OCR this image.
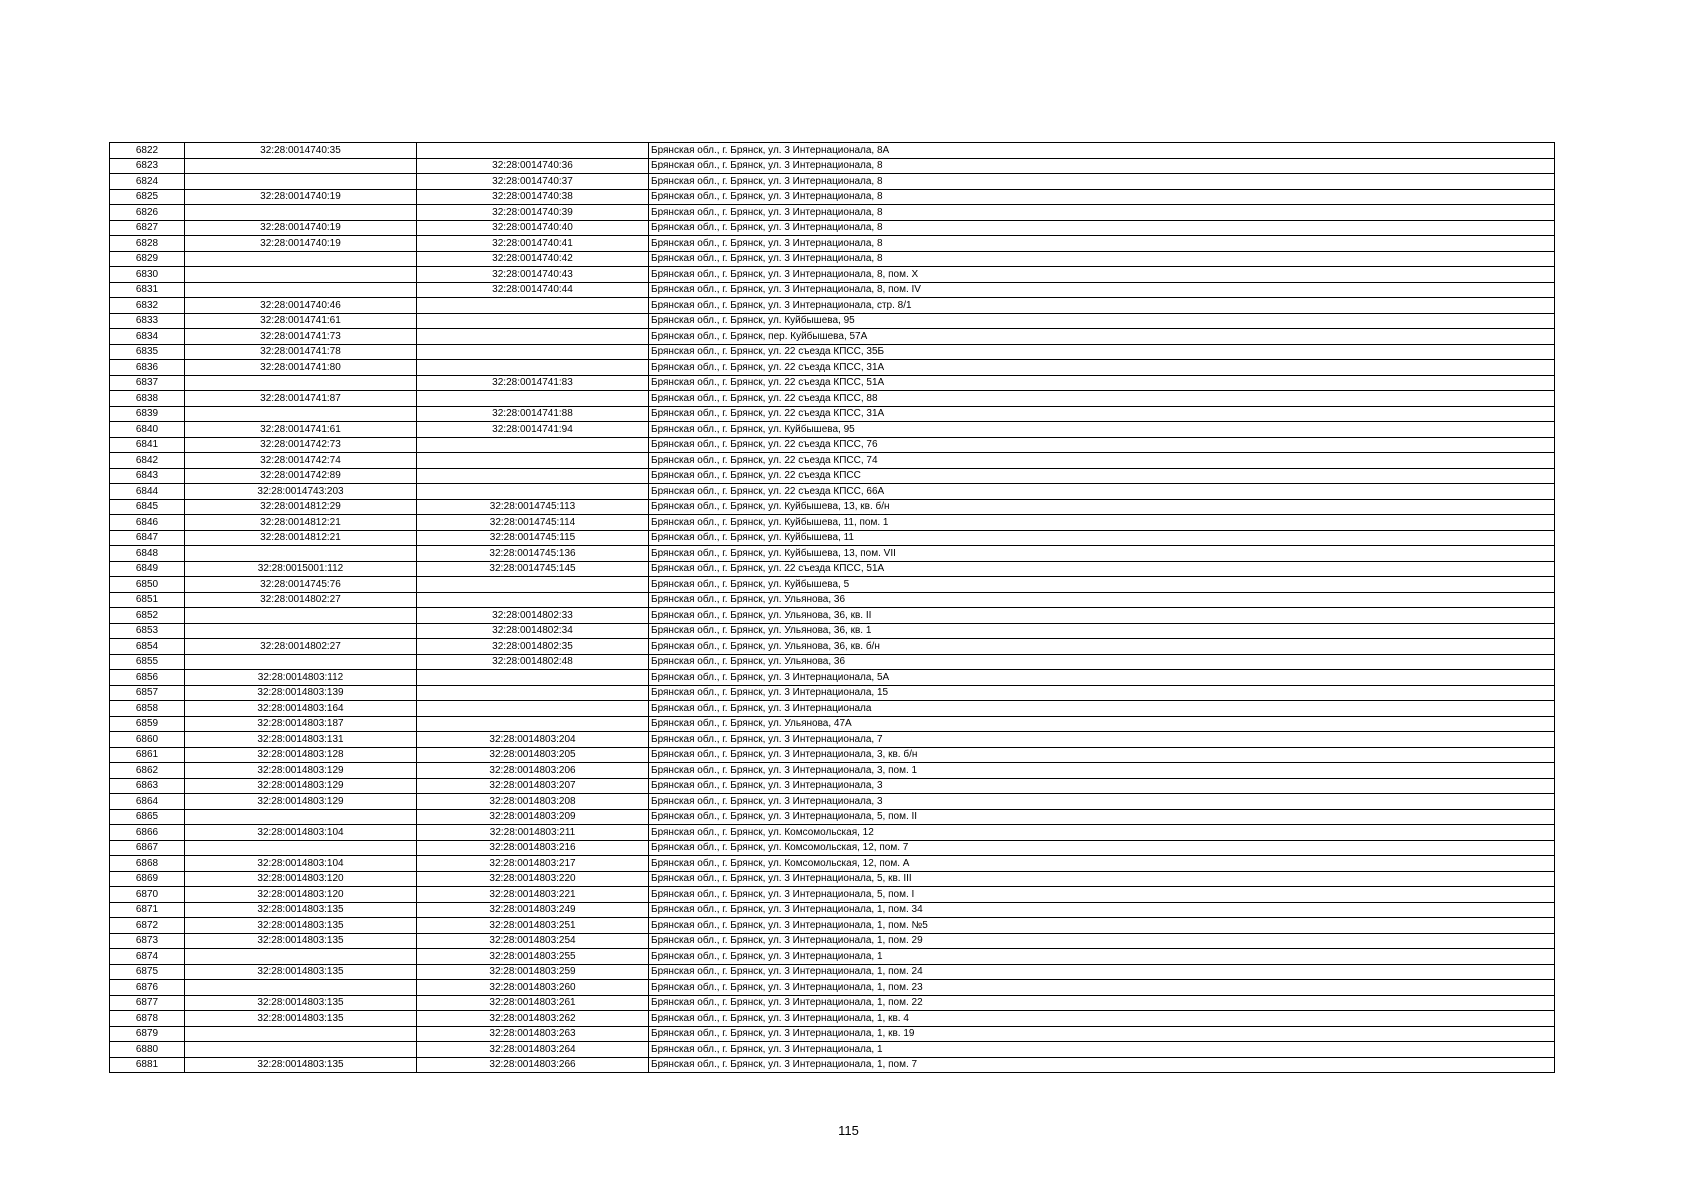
6822	32:28:0014740:35		Брянская обл., г. Брянск, ул. 3 Интернационала, 8А
6823		32:28:0014740:36	Брянская обл., г. Брянск, ул. 3 Интернационала, 8
6824		32:28:0014740:37	Брянская обл., г. Брянск, ул. 3 Интернационала, 8
6825	32:28:0014740:19	32:28:0014740:38	Брянская обл., г. Брянск, ул. 3 Интернационала, 8
6826		32:28:0014740:39	Брянская обл., г. Брянск, ул. 3 Интернационала, 8
6827	32:28:0014740:19	32:28:0014740:40	Брянская обл., г. Брянск, ул. 3 Интернационала, 8
6828	32:28:0014740:19	32:28:0014740:41	Брянская обл., г. Брянск, ул. 3 Интернационала, 8
6829		32:28:0014740:42	Брянская обл., г. Брянск, ул. 3 Интернационала, 8
6830		32:28:0014740:43	Брянская обл., г. Брянск, ул. 3 Интернационала, 8, пом. X
6831		32:28:0014740:44	Брянская обл., г. Брянск, ул. 3 Интернационала, 8, пом. IV
6832	32:28:0014740:46		Брянская обл., г. Брянск, ул. 3 Интернационала, стр. 8/1
6833	32:28:0014741:61		Брянская обл., г. Брянск, ул. Куйбышева, 95
6834	32:28:0014741:73		Брянская обл., г. Брянск, пер. Куйбышева, 57А
6835	32:28:0014741:78		Брянская обл., г. Брянск, ул. 22 съезда КПСС, 35Б
6836	32:28:0014741:80		Брянская обл., г. Брянск, ул. 22 съезда КПСС, 31А
6837		32:28:0014741:83	Брянская обл., г. Брянск, ул. 22 съезда КПСС, 51А
6838	32:28:0014741:87		Брянская обл., г. Брянск, ул. 22 съезда КПСС, 88
6839		32:28:0014741:88	Брянская обл., г. Брянск, ул. 22 съезда КПСС, 31А
6840	32:28:0014741:61	32:28:0014741:94	Брянская обл., г. Брянск, ул. Куйбышева, 95
6841	32:28:0014742:73		Брянская обл., г. Брянск, ул. 22 съезда КПСС, 76
6842	32:28:0014742:74		Брянская обл., г. Брянск, ул. 22 съезда КПСС, 74
6843	32:28:0014742:89		Брянская обл., г. Брянск, ул. 22 съезда КПСС
6844	32:28:0014743:203		Брянская обл., г. Брянск, ул. 22 съезда КПСС, 66А
6845	32:28:0014812:29	32:28:0014745:113	Брянская обл., г. Брянск, ул. Куйбышева, 13, кв. б/н
6846	32:28:0014812:21	32:28:0014745:114	Брянская обл., г. Брянск, ул. Куйбышева, 11, пом. 1
6847	32:28:0014812:21	32:28:0014745:115	Брянская обл., г. Брянск, ул. Куйбышева, 11
6848		32:28:0014745:136	Брянская обл., г. Брянск, ул. Куйбышева, 13, пом. VII
6849	32:28:0015001:112	32:28:0014745:145	Брянская обл., г. Брянск, ул. 22 съезда КПСС, 51А
6850	32:28:0014745:76		Брянская обл., г. Брянск, ул. Куйбышева, 5
6851	32:28:0014802:27		Брянская обл., г. Брянск, ул. Ульянова, 36
6852		32:28:0014802:33	Брянская обл., г. Брянск, ул. Ульянова, 36, кв. II
6853		32:28:0014802:34	Брянская обл., г. Брянск, ул. Ульянова, 36, кв. 1
6854	32:28:0014802:27	32:28:0014802:35	Брянская обл., г. Брянск, ул. Ульянова, 36, кв. б/н
6855		32:28:0014802:48	Брянская обл., г. Брянск, ул. Ульянова, 36
6856	32:28:0014803:112		Брянская обл., г. Брянск, ул. 3 Интернационала, 5А
6857	32:28:0014803:139		Брянская обл., г. Брянск, ул. 3 Интернационала, 15
6858	32:28:0014803:164		Брянская обл., г. Брянск, ул. 3 Интернационала
6859	32:28:0014803:187		Брянская обл., г. Брянск, ул. Ульянова, 47А
6860	32:28:0014803:131	32:28:0014803:204	Брянская обл., г. Брянск, ул. 3 Интернационала, 7
6861	32:28:0014803:128	32:28:0014803:205	Брянская обл., г. Брянск, ул. 3 Интернационала, 3, кв. б/н
6862	32:28:0014803:129	32:28:0014803:206	Брянская обл., г. Брянск, ул. 3 Интернационала, 3, пом. 1
6863	32:28:0014803:129	32:28:0014803:207	Брянская обл., г. Брянск, ул. 3 Интернационала, 3
6864	32:28:0014803:129	32:28:0014803:208	Брянская обл., г. Брянск, ул. 3 Интернационала, 3
6865		32:28:0014803:209	Брянская обл., г. Брянск, ул. 3 Интернационала, 5, пом. II
6866	32:28:0014803:104	32:28:0014803:211	Брянская обл., г. Брянск, ул. Комсомольская, 12
6867		32:28:0014803:216	Брянская обл., г. Брянск, ул. Комсомольская, 12, пом. 7
6868	32:28:0014803:104	32:28:0014803:217	Брянская обл., г. Брянск, ул. Комсомольская, 12, пом. А
6869	32:28:0014803:120	32:28:0014803:220	Брянская обл., г. Брянск, ул. 3 Интернационала, 5, кв. III
6870	32:28:0014803:120	32:28:0014803:221	Брянская обл., г. Брянск, ул. 3 Интернационала, 5, пом. I
6871	32:28:0014803:135	32:28:0014803:249	Брянская обл., г. Брянск, ул. 3 Интернационала, 1, пом. 34
6872	32:28:0014803:135	32:28:0014803:251	Брянская обл., г. Брянск, ул. 3 Интернационала, 1, пом. №5
6873	32:28:0014803:135	32:28:0014803:254	Брянская обл., г. Брянск, ул. 3 Интернационала, 1, пом. 29
6874		32:28:0014803:255	Брянская обл., г. Брянск, ул. 3 Интернационала, 1
6875	32:28:0014803:135	32:28:0014803:259	Брянская обл., г. Брянск, ул. 3 Интернационала, 1, пом. 24
6876		32:28:0014803:260	Брянская обл., г. Брянск, ул. 3 Интернационала, 1, пом. 23
6877	32:28:0014803:135	32:28:0014803:261	Брянская обл., г. Брянск, ул. 3 Интернационала, 1, пом. 22
6878	32:28:0014803:135	32:28:0014803:262	Брянская обл., г. Брянск, ул. 3 Интернационала, 1, кв. 4
6879		32:28:0014803:263	Брянская обл., г. Брянск, ул. 3 Интернационала, 1, кв. 19
6880		32:28:0014803:264	Брянская обл., г. Брянск, ул. 3 Интернационала, 1
6881	32:28:0014803:135	32:28:0014803:266	Брянская обл., г. Брянск, ул. 3 Интернационала, 1, пом. 7
115
